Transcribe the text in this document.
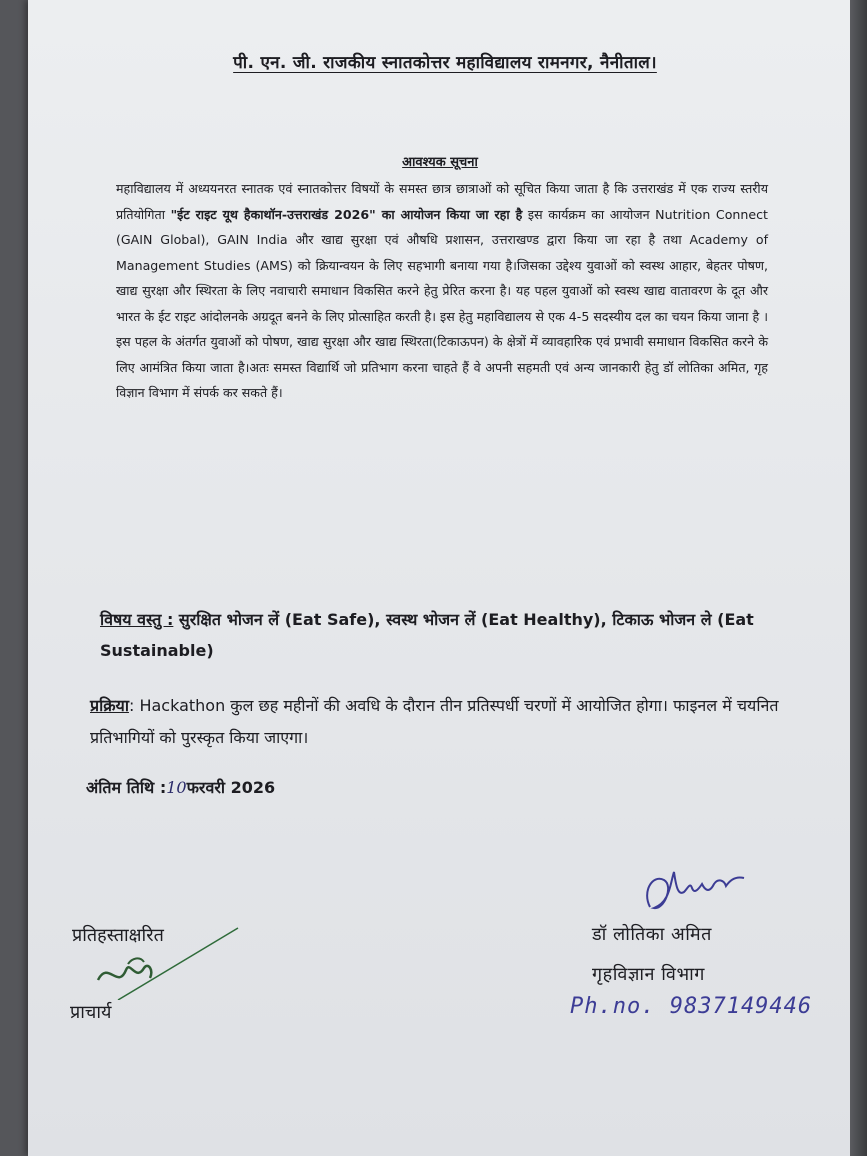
पी. एन. जी. राजकीय स्नातकोत्तर महाविद्यालय रामनगर, नैनीताल।
आवश्यक सूचना
महाविद्यालय में अध्ययनरत स्नातक एवं स्नातकोत्तर विषयों के समस्त छात्र छात्राओं को सूचित किया जाता है कि उत्तराखंड में एक राज्य स्तरीय प्रतियोगिता "ईट राइट यूथ हैकाथॉन-उत्तराखंड 2026" का आयोजन किया जा रहा है इस कार्यक्रम का आयोजन Nutrition Connect (GAIN Global), GAIN India और खाद्य सुरक्षा एवं औषधि प्रशासन, उत्तराखण्ड द्वारा किया जा रहा है तथा Academy of Management Studies (AMS) को क्रियान्वयन के लिए सहभागी बनाया गया है।जिसका उद्देश्य युवाओं को स्वस्थ आहार, बेहतर पोषण, खाद्य सुरक्षा और स्थिरता के लिए नवाचारी समाधान विकसित करने हेतु प्रेरित करना है। यह पहल युवाओं को स्वस्थ खाद्य वातावरण के दूत और भारत के ईट राइट आंदोलनके अग्रदूत बनने के लिए प्रोत्साहित करती है। इस हेतु महाविद्यालय से एक 4-5 सदस्यीय दल का चयन किया जाना है । इस पहल के अंतर्गत युवाओं को पोषण, खाद्य सुरक्षा और खाद्य स्थिरता(टिकाऊपन) के क्षेत्रों में व्यावहारिक एवं प्रभावी समाधान विकसित करने के लिए आमंत्रित किया जाता है।अतः समस्त विद्यार्थि जो प्रतिभाग करना चाहते हैं वे अपनी सहमती एवं अन्य जानकारी हेतु डॉ लोतिका अमित, गृह विज्ञान विभाग में संपर्क कर सकते हैं।
विषय वस्तु : सुरक्षित भोजन लें (Eat Safe), स्वस्थ भोजन लें (Eat Healthy), टिकाऊ भोजन ले (Eat Sustainable)
प्रक्रिया: Hackathon कुल छह महीनों की अवधि के दौरान तीन प्रतिस्पर्धी चरणों में आयोजित होगा। फाइनल में चयनित प्रतिभागियों को पुरस्कृत किया जाएगा।
अंतिम तिथि :10फरवरी 2026
प्रतिहस्ताक्षरित
प्राचार्य
डॉ लोतिका अमित
गृहविज्ञान विभाग
Ph.no. 9837149446
